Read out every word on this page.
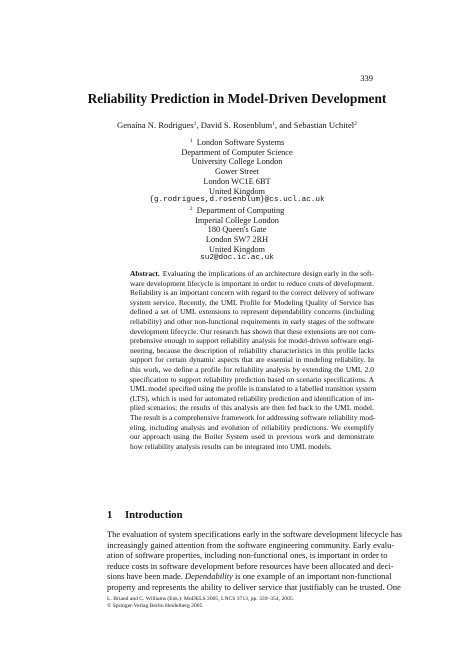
339
Reliability Prediction in Model-Driven Development
Genaína N. Rodrigues$^1$, David S. Rosenblum$^1$, and Sebastian Uchitel$^2$
$^1$ London Software Systems
Department of Computer Science
University College London
Gower Street
London WC1E 6BT
United Kingdom
{g.rodrigues,d.rosenblum}@cs.ucl.ac.uk
$^2$ Department of Computing
Imperial College London
180 Queen's Gate
London SW7 2RH
United Kingdom
su2@doc.ic.ac.uk
Abstract. Evaluating the implications of an architecture design early in the soft-
ware development lifecycle is important in order to reduce costs of development.
Reliability is an important concern with regard to the correct delivery of software
system service. Recently, the UML Profile for Modeling Quality of Service has
defined a set of UML extensions to represent dependability concerns (including
reliability) and other non-functional requirements in early stages of the software
development lifecycle. Our research has shown that these extensions are not com-
prehensive enough to support reliability analysis for model-driven software engi-
neering, because the description of reliability characteristics in this profile lacks
support for certain dynamic aspects that are essential in modeling reliability. In
this work, we define a profile for reliability analysis by extending the UML 2.0
specification to support reliability prediction based on scenario specifications. A
UML model specified using the profile is translated to a labelled transition system
(LTS), which is used for automated reliability prediction and identification of im-
plied scenarios; the results of this analysis are then fed back to the UML model.
The result is a comprehensive framework for addressing software reliability mod-
eling, including analysis and evolution of reliability predictions. We exemplify
our approach using the Boiler System used in previous work and demonstrate
how reliability analysis results can be integrated into UML models.
1 Introduction
The evaluation of system specifications early in the software development lifecycle has
increasingly gained attention from the software engineering community. Early evalu-
ation of software properties, including non-functional ones, is important in order to
reduce costs in software development before resources have been allocated and deci-
sions have been made. Dependability is one example of an important non-functional
property and represents the ability to deliver service that justifiably can be trusted. One
L. Briand and C. Williams (Eds.): MoDELS 2005, LNCS 3713, pp. 339–354, 2005.
© Springer-Verlag Berlin Heidelberg 2005
